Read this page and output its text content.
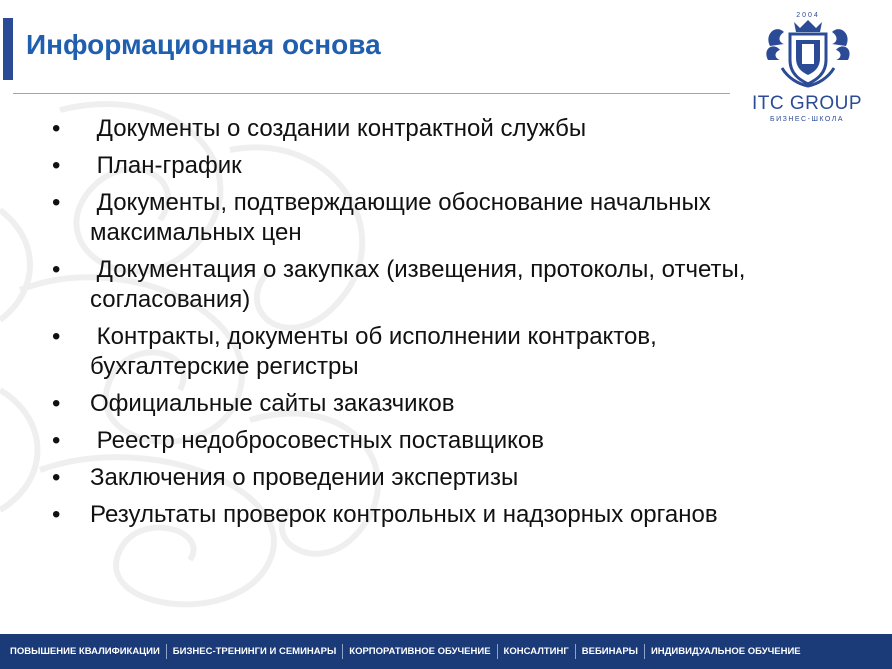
Информационная основа
2004
ITC GROUP
БИЗНЕС-ШКОЛА
•	Документы о создании контрактной службы
•	План-график
•	Документы, подтверждающие обоснование начальных максимальных цен
•	Документация о закупках (извещения, протоколы, отчеты, согласования)
•	Контракты, документы об исполнении контрактов, бухгалтерские регистры
•	Официальные сайты заказчиков
•	Реестр недобросовестных поставщиков
•	Заключения о проведении экспертизы
•	Результаты проверок контрольных и надзорных органов
ПОВЫШЕНИЕ КВАЛИФИКАЦИИ	БИЗНЕС-ТРЕНИНГИ И СЕМИНАРЫ	КОРПОРАТИВНОЕ ОБУЧЕНИЕ	КОНСАЛТИНГ	ВЕБИНАРЫ	ИНДИВИДУАЛЬНОЕ ОБУЧЕНИЕ
